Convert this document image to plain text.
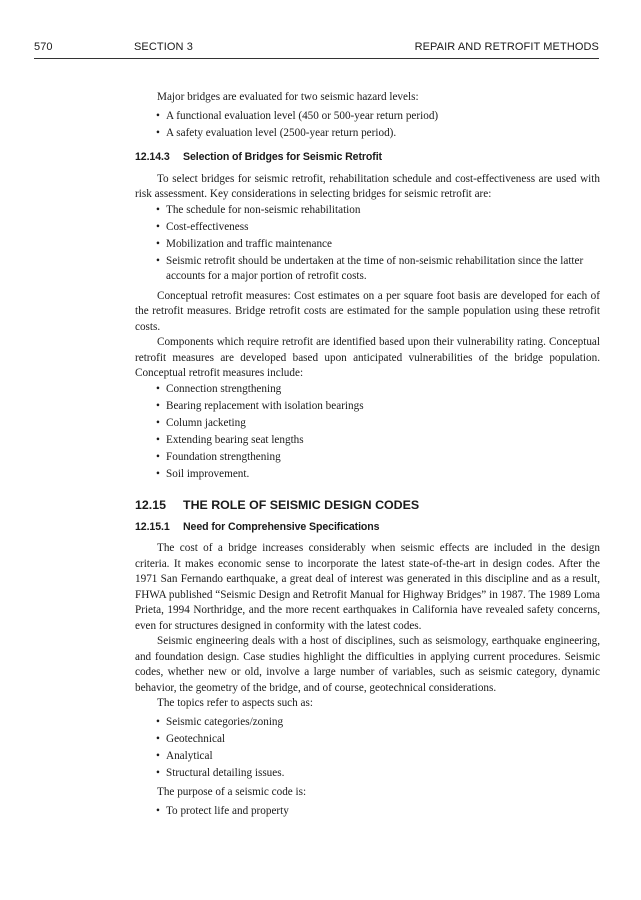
570	SECTION 3	REPAIR AND RETROFIT METHODS

Major bridges are evaluated for two seismic hazard levels:

• A functional evaluation level (450 or 500-year return period)
• A safety evaluation level (2500-year return period).
12.14.3 Selection of Bridges for Seismic Retrofit

To select bridges for seismic retrofit, rehabilitation schedule and cost-effectiveness are used with risk assessment. Key considerations in selecting bridges for seismic retrofit are:

• The schedule for non-seismic rehabilitation
• Cost-effectiveness
• Mobilization and traffic maintenance
• Seismic retrofit should be undertaken at the time of non-seismic rehabilitation since the latter accounts for a major portion of retrofit costs.

Conceptual retrofit measures: Cost estimates on a per square foot basis are developed for each of the retrofit measures. Bridge retrofit costs are estimated for the sample population using these retrofit costs.

Components which require retrofit are identified based upon their vulnerability rating. Conceptual retrofit measures are developed based upon anticipated vulnerabilities of the bridge population. Conceptual retrofit measures include:

• Connection strengthening
• Bearing replacement with isolation bearings
• Column jacketing
• Extending bearing seat lengths
• Foundation strengthening
• Soil improvement.
12.15 THE ROLE OF SEISMIC DESIGN CODES
12.15.1 Need for Comprehensive Specifications

The cost of a bridge increases considerably when seismic effects are included in the design criteria. It makes economic sense to incorporate the latest state-of-the-art in design codes. After the 1971 San Fernando earthquake, a great deal of interest was generated in this discipline and as a result, FHWA published “Seismic Design and Retrofit Manual for Highway Bridges” in 1987. The 1989 Loma Prieta, 1994 Northridge, and the more recent earthquakes in California have revealed safety concerns, even for structures designed in conformity with the latest codes.

Seismic engineering deals with a host of disciplines, such as seismology, earthquake engineering, and foundation design. Case studies highlight the difficulties in applying current procedures. Seismic codes, whether new or old, involve a large number of variables, such as seismic category, dynamic behavior, the geometry of the bridge, and of course, geotechnical considerations.

The topics refer to aspects such as:

• Seismic categories/zoning
• Geotechnical
• Analytical
• Structural detailing issues.

The purpose of a seismic code is:

• To protect life and property
